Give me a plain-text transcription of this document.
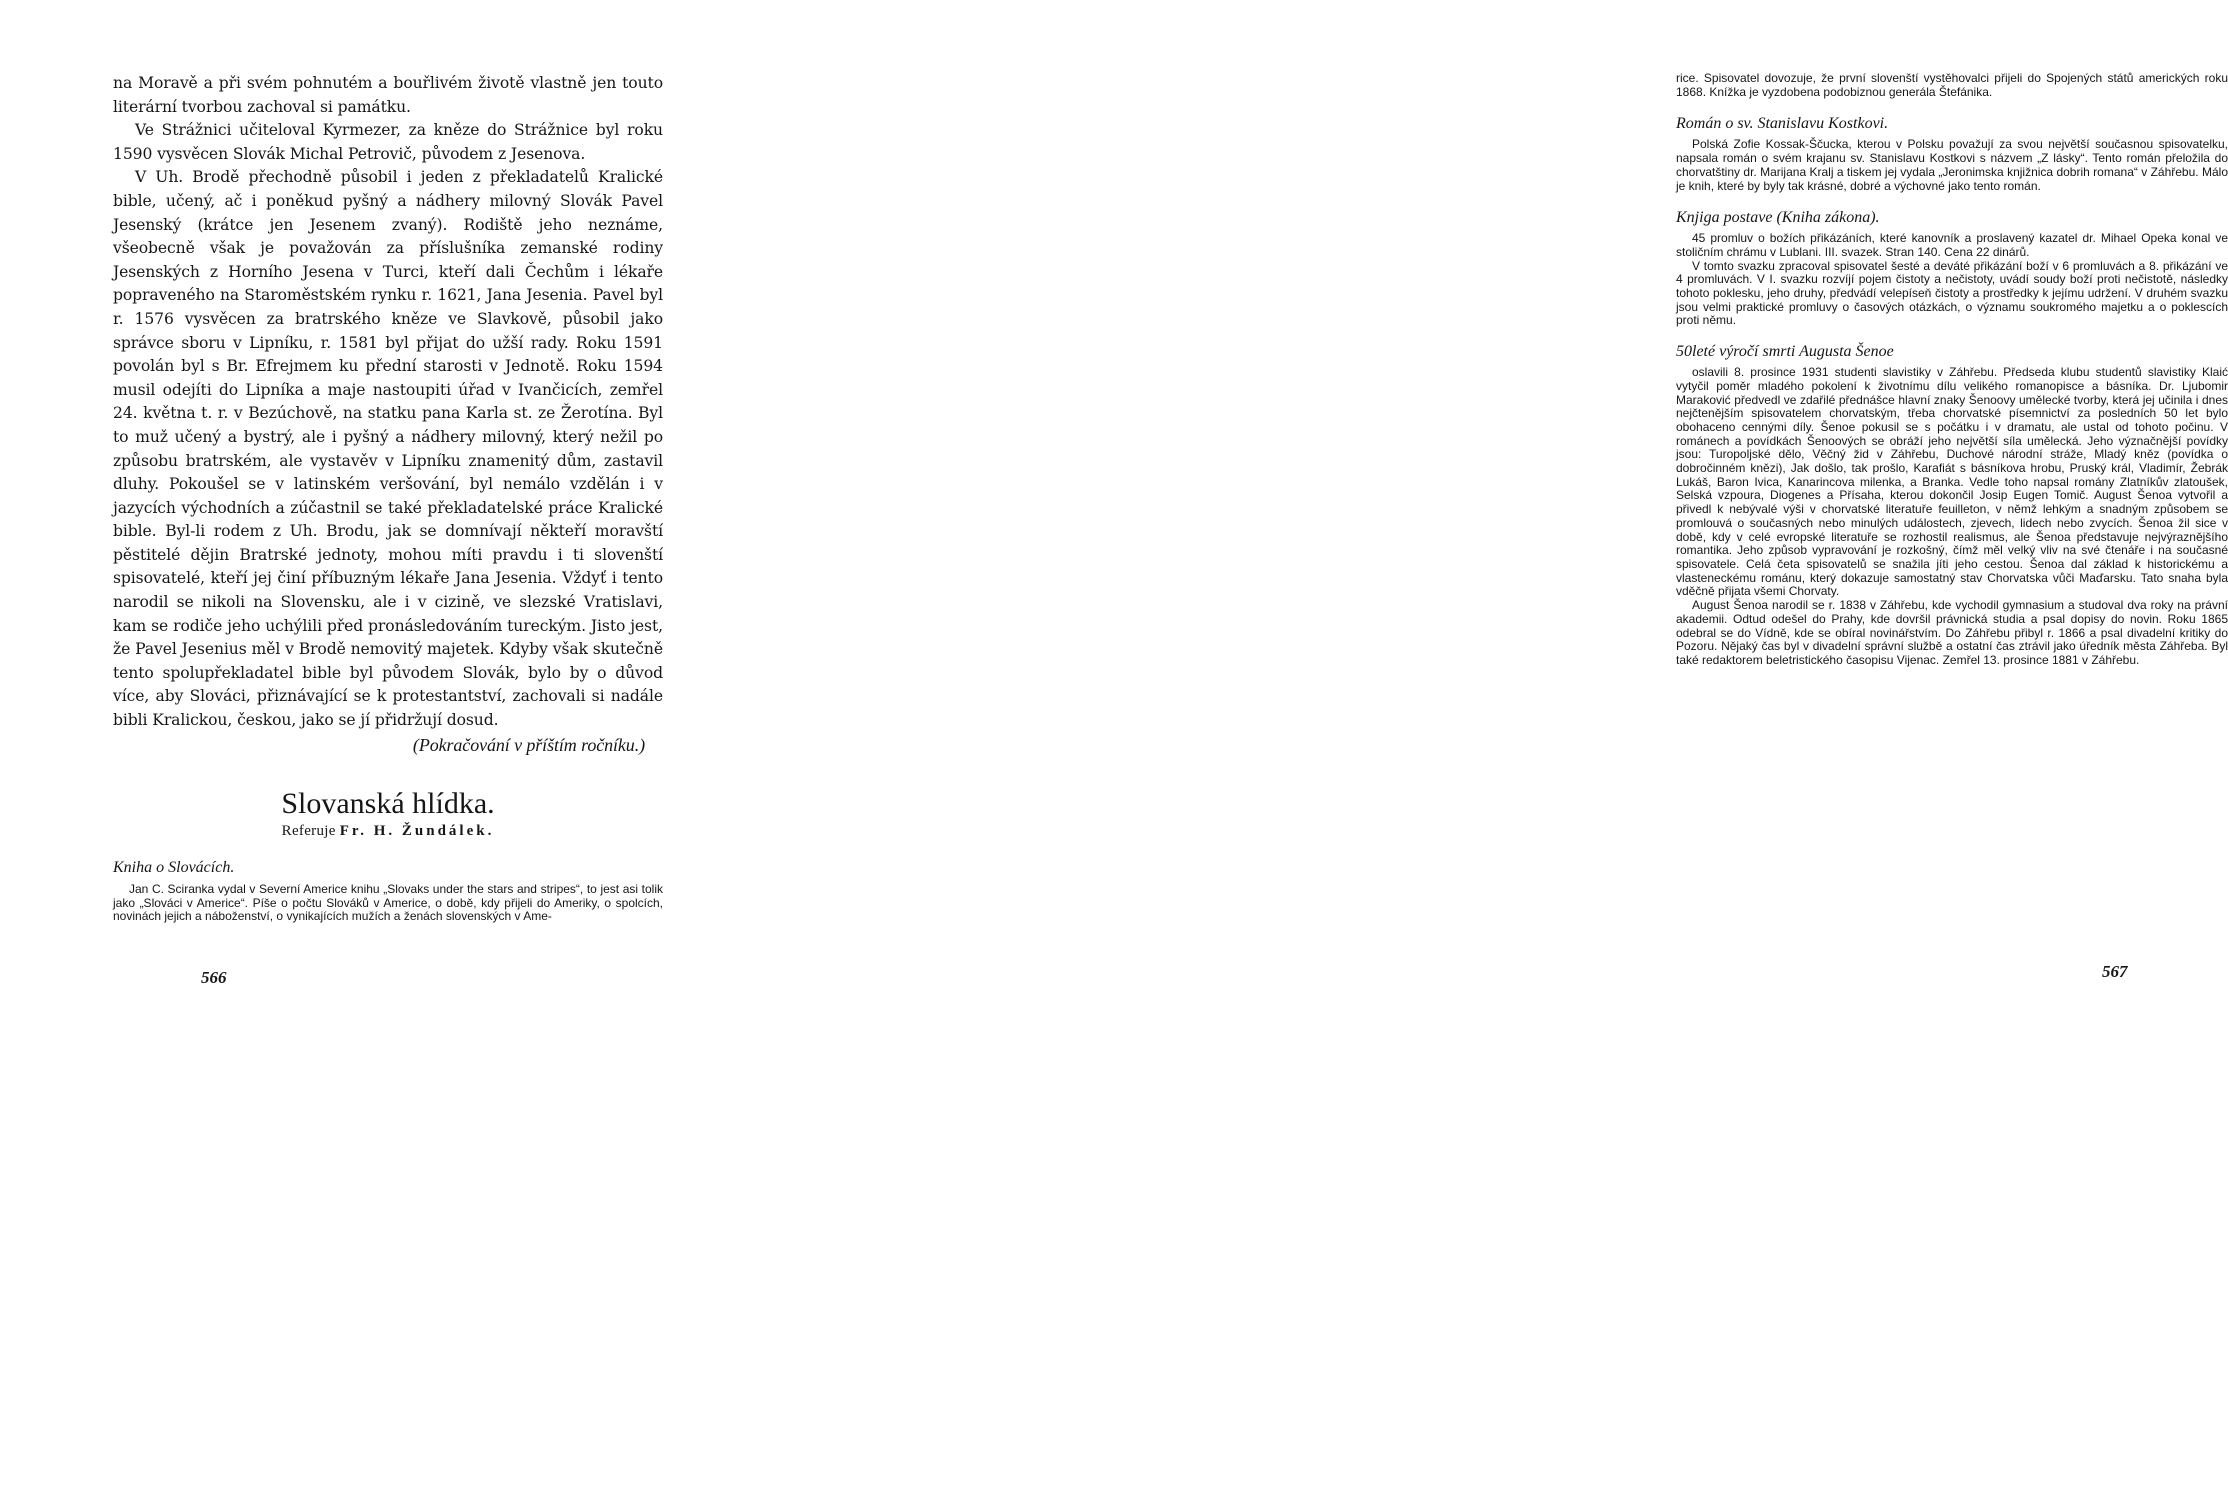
na Moravě a při svém pohnutém a bouřlivém životě vlastně jen touto literární tvorbou zachoval si památku.

Ve Strážnici učiteloval Kyrmezer, za kněze do Strážnice byl roku 1590 vysvěcen Slovák Michal Petrovič, původem z Jesenova.

V Uh. Brodě přechodně působil i jeden z překladatelů Kralické bible, učený, ač i poněkud pyšný a nádhery milovný Slovák Pavel Jesenský (krátce jen Jesenem zvaný). Rodiště jeho neznáme, všeobecně však je považován za příslušníka zemanské rodiny Jesenských z Horního Jesena v Turci, kteří dali Čechům i lékaře popraveného na Staroměstském rynku r. 1621, Jana Jesenia. Pavel byl r. 1576 vysvěcen za bratrského kněze ve Slavkově, působil jako správce sboru v Lipníku, r. 1581 byl přijat do užší rady. Roku 1591 povolán byl s Br. Efrejmem ku přední starosti v Jednotě. Roku 1594 musil odejíti do Lipníka a maje nastoupiti úřad v Ivančicích, zemřel 24. května t. r. v Bezúchově, na statku pana Karla st. ze Žerotína. Byl to muž učený a bystrý, ale i pyšný a nádhery milovný, který nežil po způsobu bratrském, ale vystavěv v Lipníku znamenitý dům, zastavil dluhy. Pokoušel se v latinském veršování, byl nemálo vzdělán i v jazycích východních a zúčastnil se také překladatelské práce Kralické bible. Byl-li rodem z Uh. Brodu, jak se domnívají někteří moravští pěstitelé dějin Bratrské jednoty, mohou míti pravdu i ti slovenští spisovatelé, kteří jej činí příbuzným lékaře Jana Jesenia. Vždyť i tento narodil se nikoli na Slovensku, ale i v cizině, ve slezské Vratislavi, kam se rodiče jeho uchýlili před pronásledováním tureckým. Jisto jest, že Pavel Jesenius měl v Brodě nemovitý majetek. Kdyby však skutečně tento spolupřekladatel bible byl původem Slovák, bylo by o důvod více, aby Slováci, přiznávající se k protestantství, zachovali si nadále bibli Kralickou, českou, jako se jí přidržují dosud.

(Pokračování v příštím ročníku.)
Slovanská hlídka.
Referuje Fr. H. Žundálek.

Kniha o Slovácích.

Jan C. Sciranka vydal v Severní Americe knihu „Slovaks under the stars and stripes“, to jest asi tolik jako „Slováci v Americe“. Píše o počtu Slováků v Americe, o době, kdy přijeli do Ameriky, o spolcích, novinách jejich a náboženství, o vynikajících mužích a ženách slovenských v Ame-

566

rice. Spisovatel dovozuje, že první slovenští vystěhovalci přijeli do Spojených států amerických roku 1868. Knížka je vyzdobena podobiznou generála Štefánika.

Román o sv. Stanislavu Kostkovi.

Polská Zofie Kossak-Ščucka, kterou v Polsku považují za svou největší současnou spisovatelku, napsala román o svém krajanu sv. Stanislavu Kostkovi s názvem „Z lásky“. Tento román přeložila do chorvatštiny dr. Marijana Kralj a tiskem jej vydala „Jeronimska knjižnica dobrih romana“ v Záhřebu. Málo je knih, které by byly tak krásné, dobré a výchovné jako tento román.

Knjiga postave (Kniha zákona).

45 promluv o božích přikázáních, které kanovník a proslavený kazatel dr. Mihael Opeka konal ve stoličním chrámu v Lublani. III. svazek. Stran 140. Cena 22 dinárů.

V tomto svazku zpracoval spisovatel šesté a deváté přikázání boží v 6 promluvách a 8. přikázání ve 4 promluvách. V I. svazku rozvíjí pojem čistoty a nečistoty, uvádí soudy boží proti nečistotě, následky tohoto poklesku, jeho druhy, předvádí velepíseň čistoty a prostředky k jejímu udržení. V druhém svazku jsou velmi praktické promluvy o časových otázkách, o významu soukromého majetku a o poklescích proti němu.

50leté výročí smrti Augusta Šenoe

oslavili 8. prosince 1931 studenti slavistiky v Záhřebu. Předseda klubu studentů slavistiky Klaić vytyčil poměr mladého pokolení k životnímu dílu velikého romanopisce a básníka. Dr. Ljubomir Maraković předvedl ve zdařilé přednášce hlavní znaky Šenoovy umělecké tvorby, která jej učinila i dnes nejčtenějším spisovatelem chorvatským, třeba chorvatské písemnictví za posledních 50 let bylo obohaceno cennými díly. Šenoe pokusil se s počátku i v dramatu, ale ustal od tohoto počinu. V románech a povídkách Šenoových se obráží jeho největší síla umělecká. Jeho význačnější povídky jsou: Turopoljské dělo, Věčný žid v Záhřebu, Duchové národní stráže, Mladý kněz (povídka o dobročinném knězi), Jak došlo, tak prošlo, Karafiát s básníkova hrobu, Pruský král, Vladimír, Žebrák Lukáš, Baron Ivica, Kanarincova milenka, a Branka. Vedle toho napsal romány Zlatníkův zlatoušek, Selská vzpoura, Diogenes a Přísaha, kterou dokončil Josip Eugen Tomič. August Šenoa vytvořil a přivedl k nebývalé výši v chorvatské literatuře feuilleton, v němž lehkým a snadným způsobem se promlouvá o současných nebo minulých událostech, zjevech, lidech nebo zvycích. Šenoa žil sice v době, kdy v celé evropské literatuře se rozhostil realismus, ale Šenoa představuje nejvýraznějšího romantika. Jeho způsob vypravování je rozkošný, čímž měl velký vliv na své čtenáře i na současné spisovatele. Celá četa spisovatelů se snažila jíti jeho cestou. Šenoa dal základ k historickému a vlasteneckému románu, který dokazuje samostatný stav Chorvatska vůči Maďarsku. Tato snaha byla vděčně přijata všemi Chorvaty.

August Šenoa narodil se r. 1838 v Záhřebu, kde vychodil gymnasium a studoval dva roky na právní akademii. Odtud odešel do Prahy, kde dovršil právnická studia a psal dopisy do novin. Roku 1865 odebral se do Vídně, kde se obíral novinářstvím. Do Záhřebu přibyl r. 1866 a psal divadelní kritiky do Pozoru. Nějaký čas byl v divadelní správní službě a ostatní čas ztrávil jako úředník města Záhřeba. Byl také redaktorem beletristického časopisu Vijenac. Zemřel 13. prosince 1881 v Záhřebu.

567
